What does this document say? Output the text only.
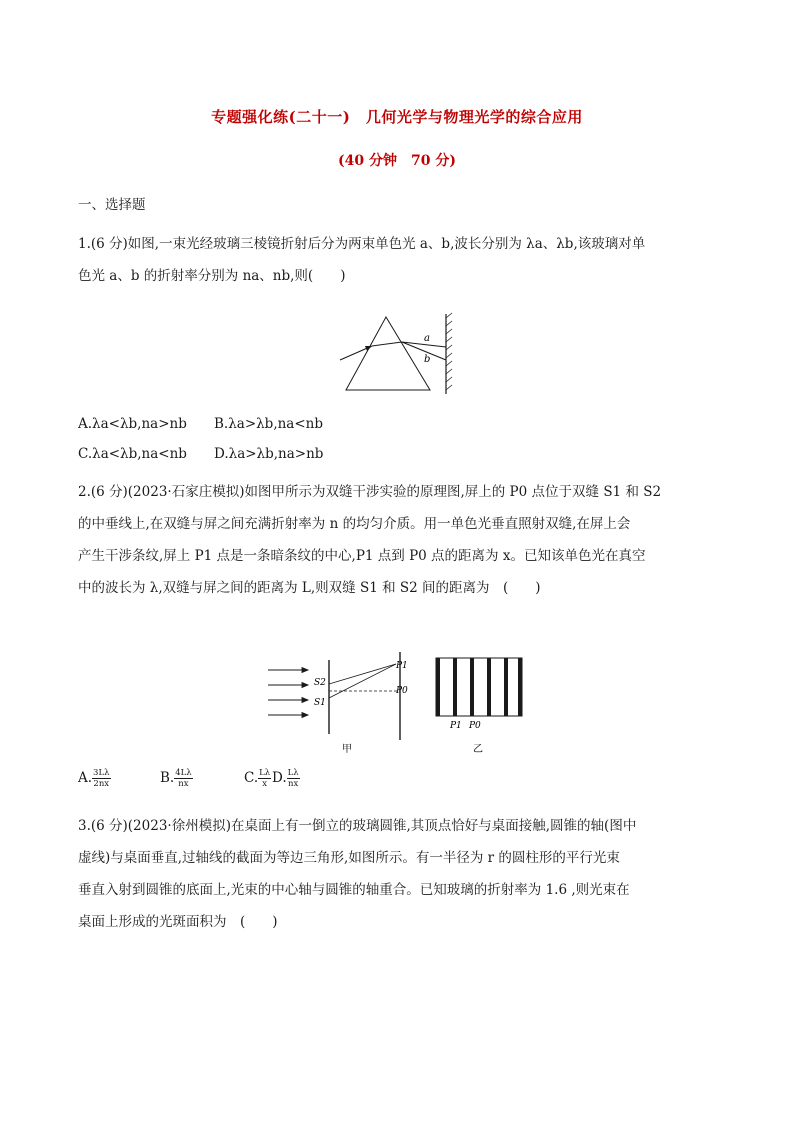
专题强化练(二十一)　几何光学与物理光学的综合应用
(40 分钟　70 分)
一、选择题
1.(6 分)如图,一束光经玻璃三棱镜折射后分为两束单色光 a、b,波长分别为 λa、λb,该玻璃对单
色光 a、b 的折射率分别为 na、nb,则(　　)
a
b
A.λa<λb,na>nb B.λa>λb,na<nb
C.λa<λb,na<nb D.λa>λb,na>nb
2.(6 分)(2023·石家庄模拟)如图甲所示为双缝干涉实验的原理图,屏上的 P0 点位于双缝 S1 和 S2
的中垂线上,在双缝与屏之间充满折射率为 n 的均匀介质。用一单色光垂直照射双缝,在屏上会
产生干涉条纹,屏上 P1 点是一条暗条纹的中心,P1 点到 P0 点的距离为 x。已知该单色光在真空
中的波长为 λ,双缝与屏之间的距离为 L,则双缝 S1 和 S2 间的距离为　(　　)
S2
S1
P1
P0
甲
P1 P0
乙
A. $\frac{3L\lambda}{2nx}$	B. $\frac{4L\lambda}{nx}$	C. $\frac{L\lambda}{x} D$. $\frac{L\lambda}{nx}$
3.(6 分)(2023·徐州模拟)在桌面上有一倒立的玻璃圆锥,其顶点恰好与桌面接触,圆锥的轴(图中
虚线)与桌面垂直,过轴线的截面为等边三角形,如图所示。有一半径为 r 的圆柱形的平行光束
垂直入射到圆锥的底面上,光束的中心轴与圆锥的轴重合。已知玻璃的折射率为 1.6 ,则光束在
桌面上形成的光斑面积为　(　　)
